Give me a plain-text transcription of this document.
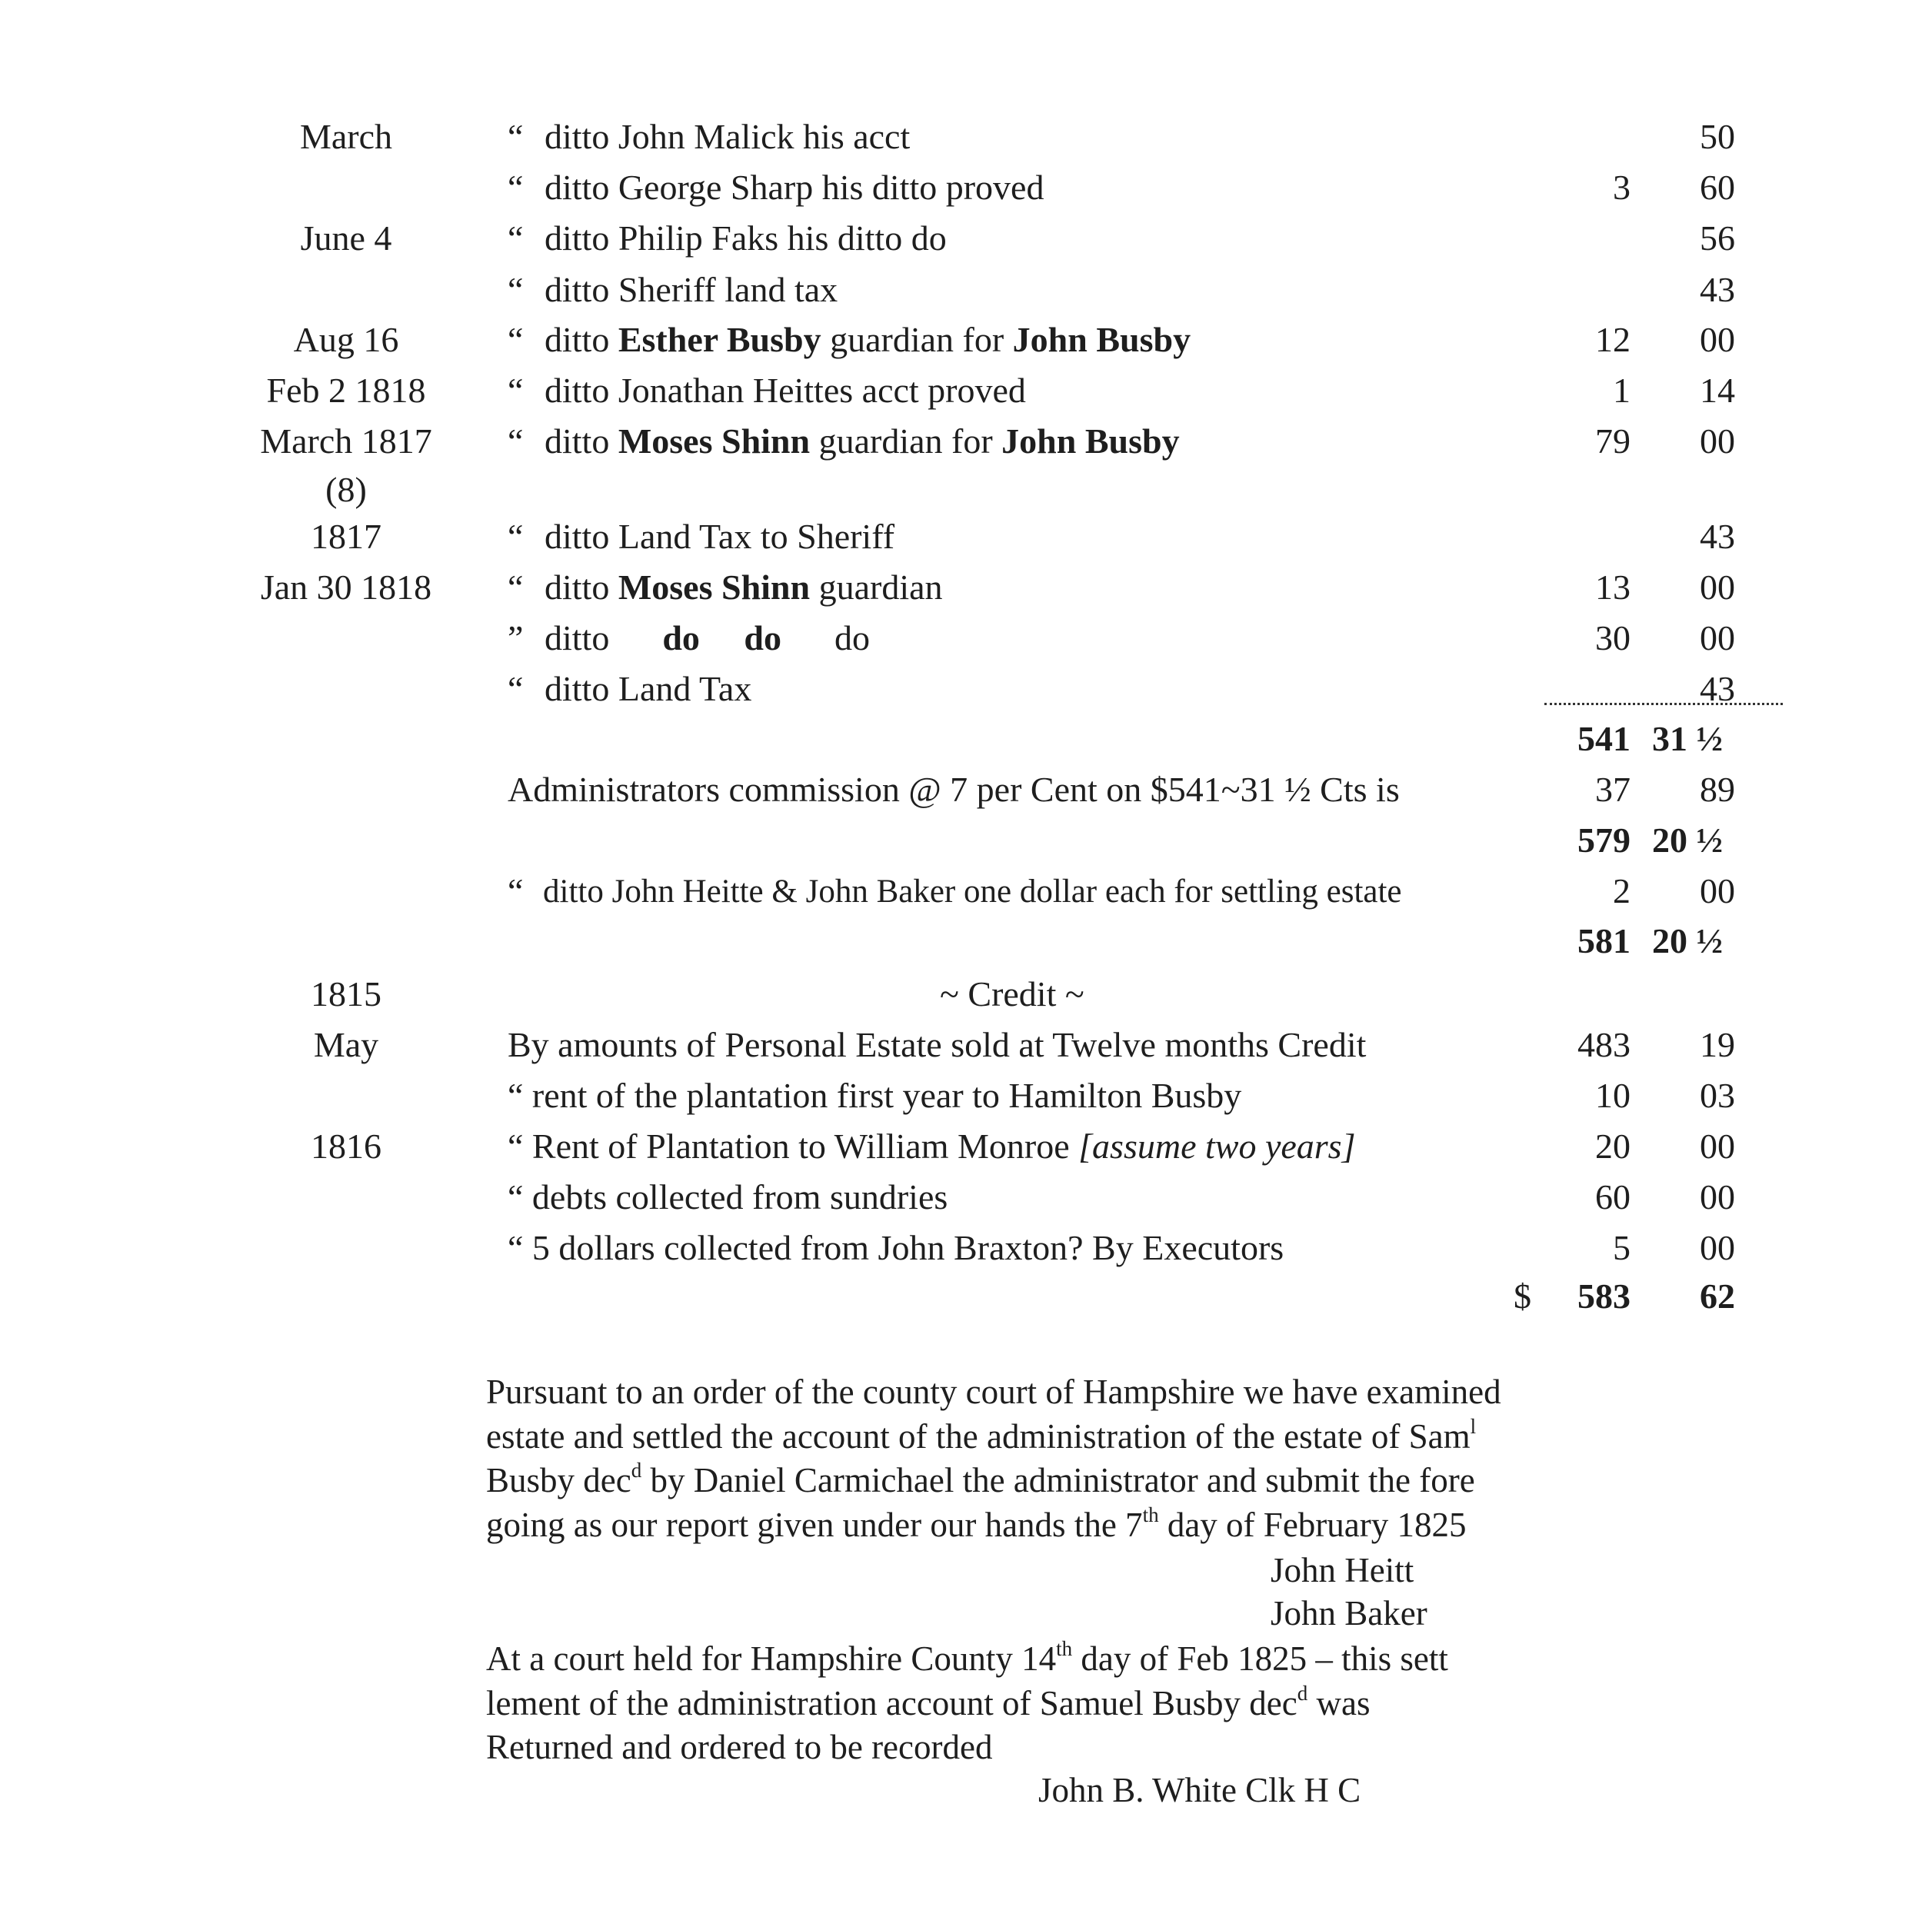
March	“ ditto John Malick his acct	50
“ ditto George Sharp his ditto proved	3 60
June 4	“ ditto Philip Faks his ditto do	56
“ ditto Sheriff land tax	43
Aug 16	“ ditto Esther Busby guardian for John Busby	12 00
Feb 2 1818	“ ditto Jonathan Heittes acct proved	1 14
March 1817	“ ditto Moses Shinn guardian for John Busby	79 00
(8)
1817	“ ditto Land Tax to Sheriff	43
Jan 30 1818	“ ditto Moses Shinn guardian	13 00
” ditto      do     do      do	30 00
“ ditto Land Tax	43
541 31 ½
Administrators commission @ 7 per Cent on $541~31 ½ Cts is	37 89
579 20 ½
“ ditto John Heitte & John Baker one dollar each for settling estate	2 00
581 20 ½
1815	~ Credit ~
May	By amounts of Personal Estate sold at Twelve months Credit	483 19
“ rent of the plantation first year to Hamilton Busby	10 03
1816	“ Rent of Plantation to William Monroe [assume two years]	20 00
“ debts collected from sundries	60 00
“ 5 dollars collected from John Braxton? By Executors	5 00
$	583 62
Pursuant to an order of the county court of Hampshire we have examined
estate and settled the account of the administration of the estate of Sam$^l$
Busby dec$^d$ by Daniel Carmichael the administrator and submit the fore
going as our report given under our hands the 7th day of February 1825
John Heitt
John Baker
At a court held for Hampshire County 14th day of Feb 1825 – this sett
lement of the administration account of Samuel Busby dec$^d$ was
Returned and ordered to be recorded
John B. White Clk H C
